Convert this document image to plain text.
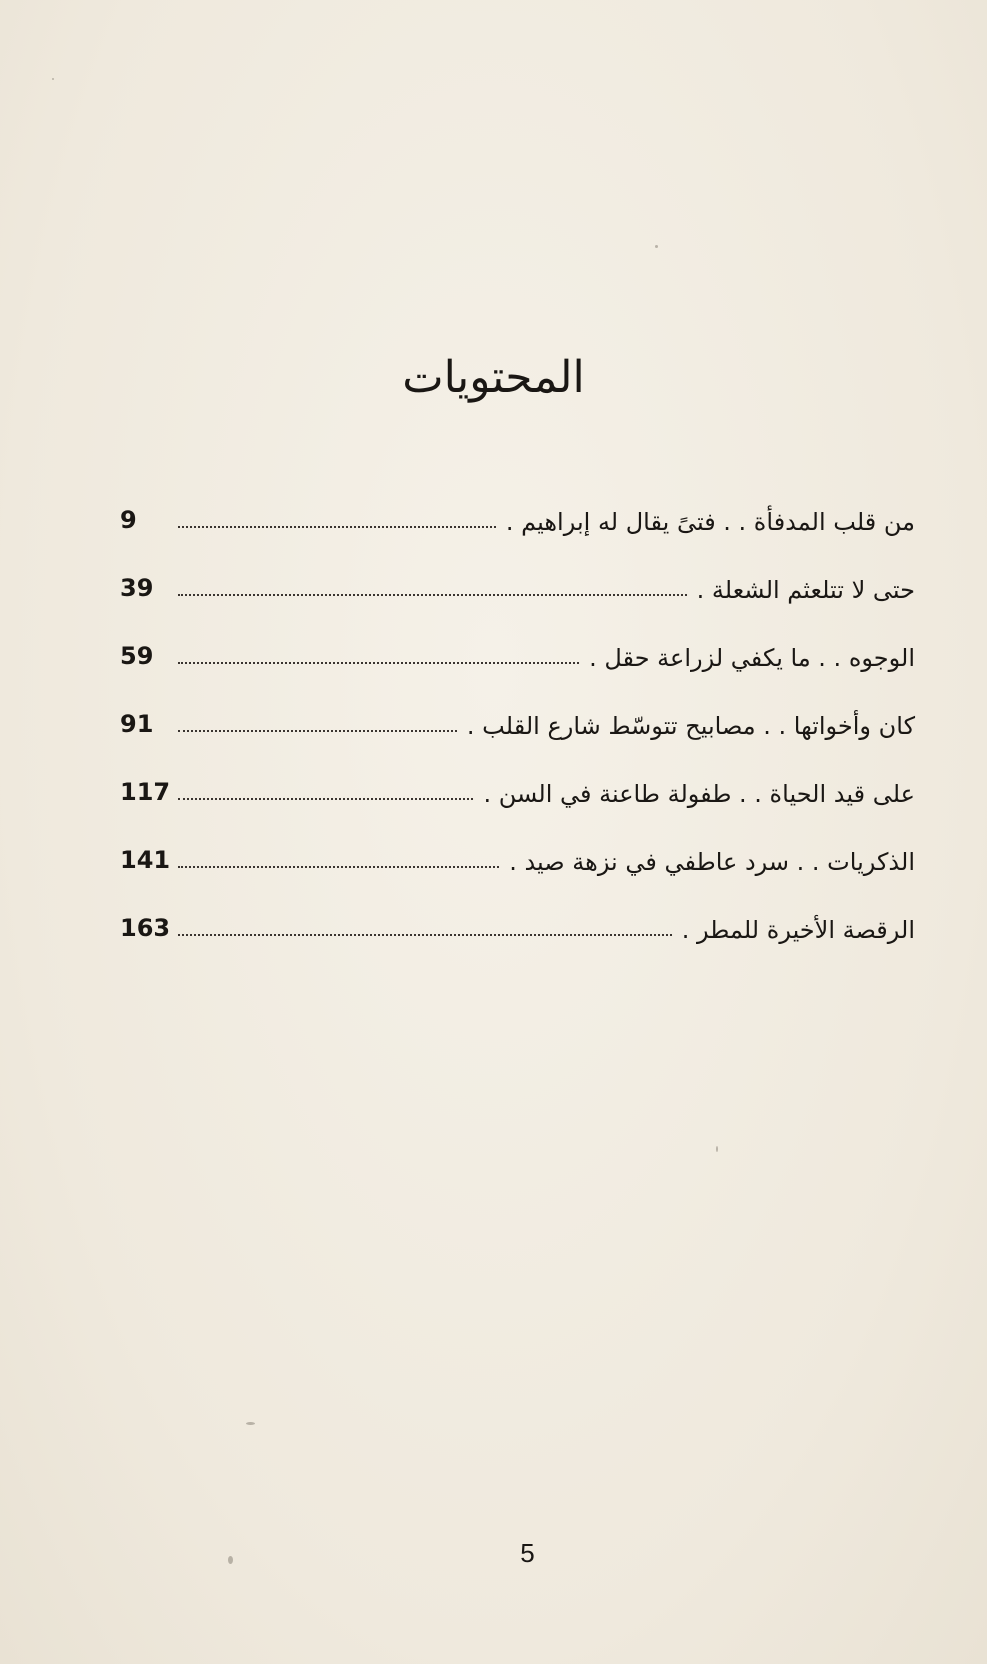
المحتويات
9	من قلب المدفأة . . فتىً يقال له إبراهيم .
39	حتى لا تتلعثم الشعلة .
59	الوجوه . . ما يكفي لزراعة حقل .
91	كان وأخواتها . . مصابيح تتوسّط شارع القلب .
117	على قيد الحياة . . طفولة طاعنة في السن .
141	الذكريات . . سرد عاطفي في نزهة صيد .
163	الرقصة الأخيرة للمطر .
5
